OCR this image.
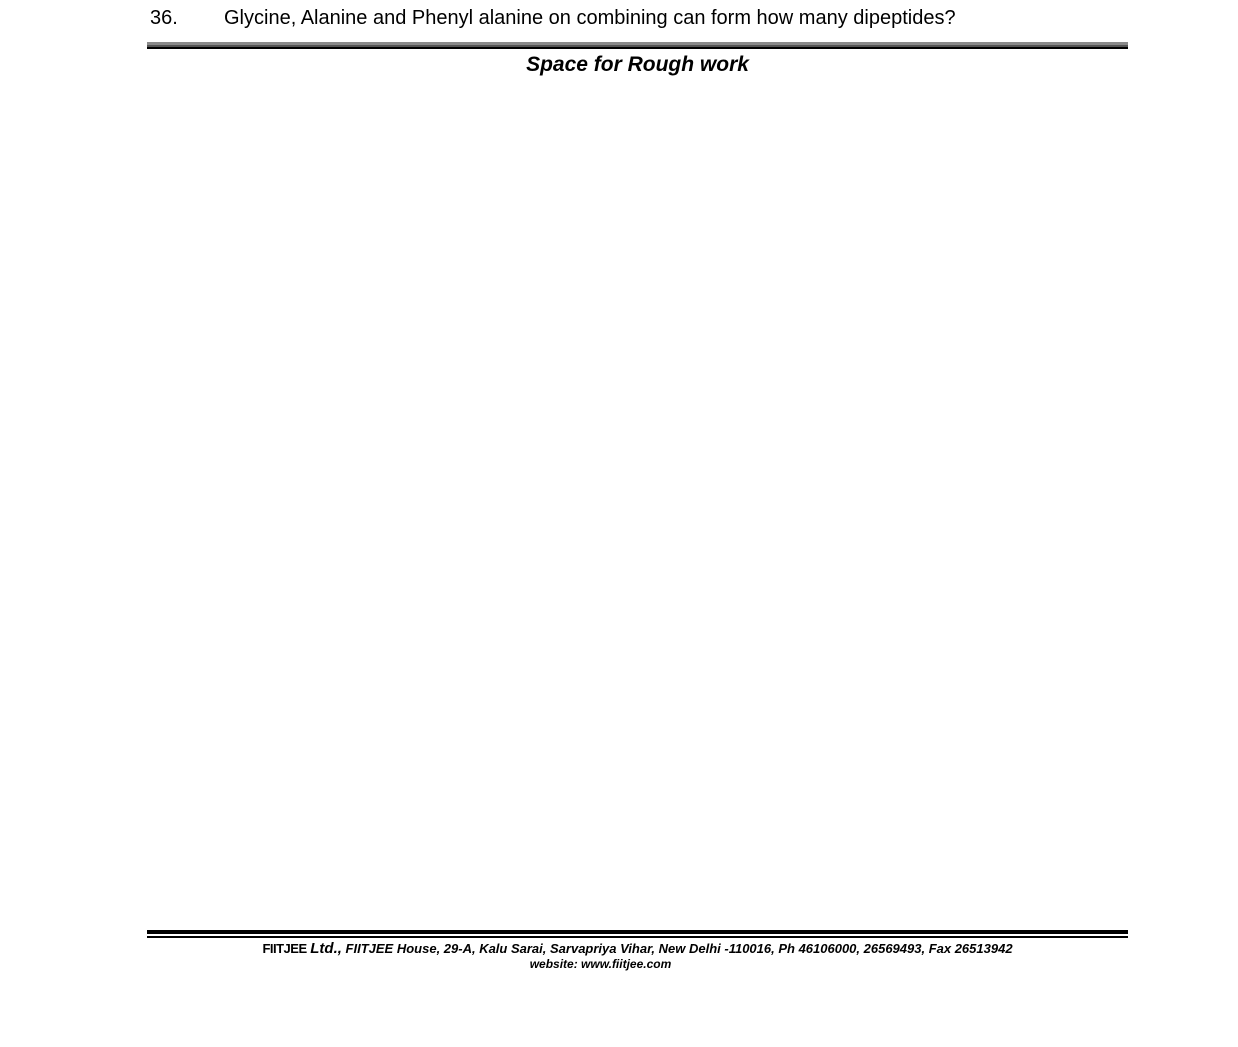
36. Glycine, Alanine and Phenyl alanine on combining can form how many dipeptides?
Space for Rough work
FIITJEE Ltd., FIITJEE House, 29-A, Kalu Sarai, Sarvapriya Vihar, New Delhi -110016, Ph 46106000, 26569493, Fax 26513942
website: www.fiitjee.com
